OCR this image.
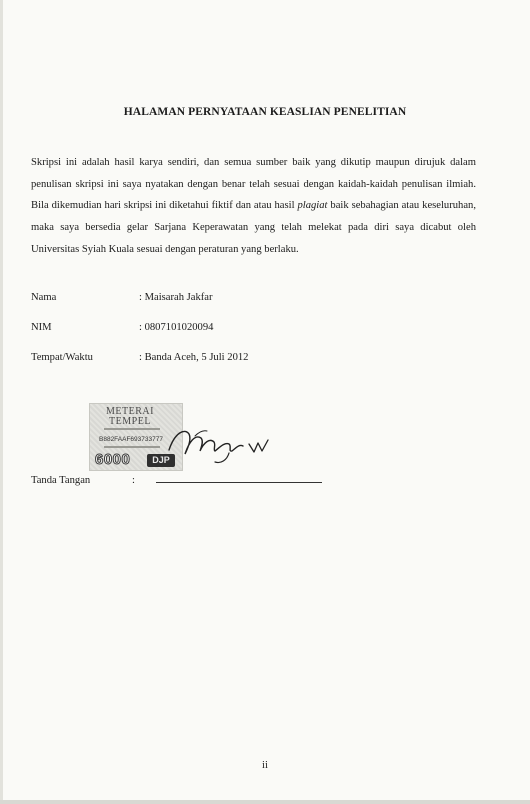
HALAMAN PERNYATAAN KEASLIAN PENELITIAN

Skripsi ini adalah hasil karya sendiri, dan semua sumber baik yang dikutip maupun dirujuk dalam penulisan skripsi ini saya nyatakan dengan benar telah sesuai dengan kaidah-kaidah penulisan ilmiah. Bila dikemudian hari skripsi ini diketahui fiktif dan atau hasil plagiat baik sebahagian atau keseluruhan, maka saya bersedia gelar Sarjana Keperawatan yang telah melekat pada diri saya dicabut oleh Universitas Syiah Kuala sesuai dengan peraturan yang berlaku.

Nama	: Maisarah Jakfar
NIM	: 0807101020094
Tempat/Waktu	: Banda Aceh, 5 Juli 2012
METERAI
TEMPEL
B882FAAF693733777
6000	DJP
Tanda Tangan	:
ii
